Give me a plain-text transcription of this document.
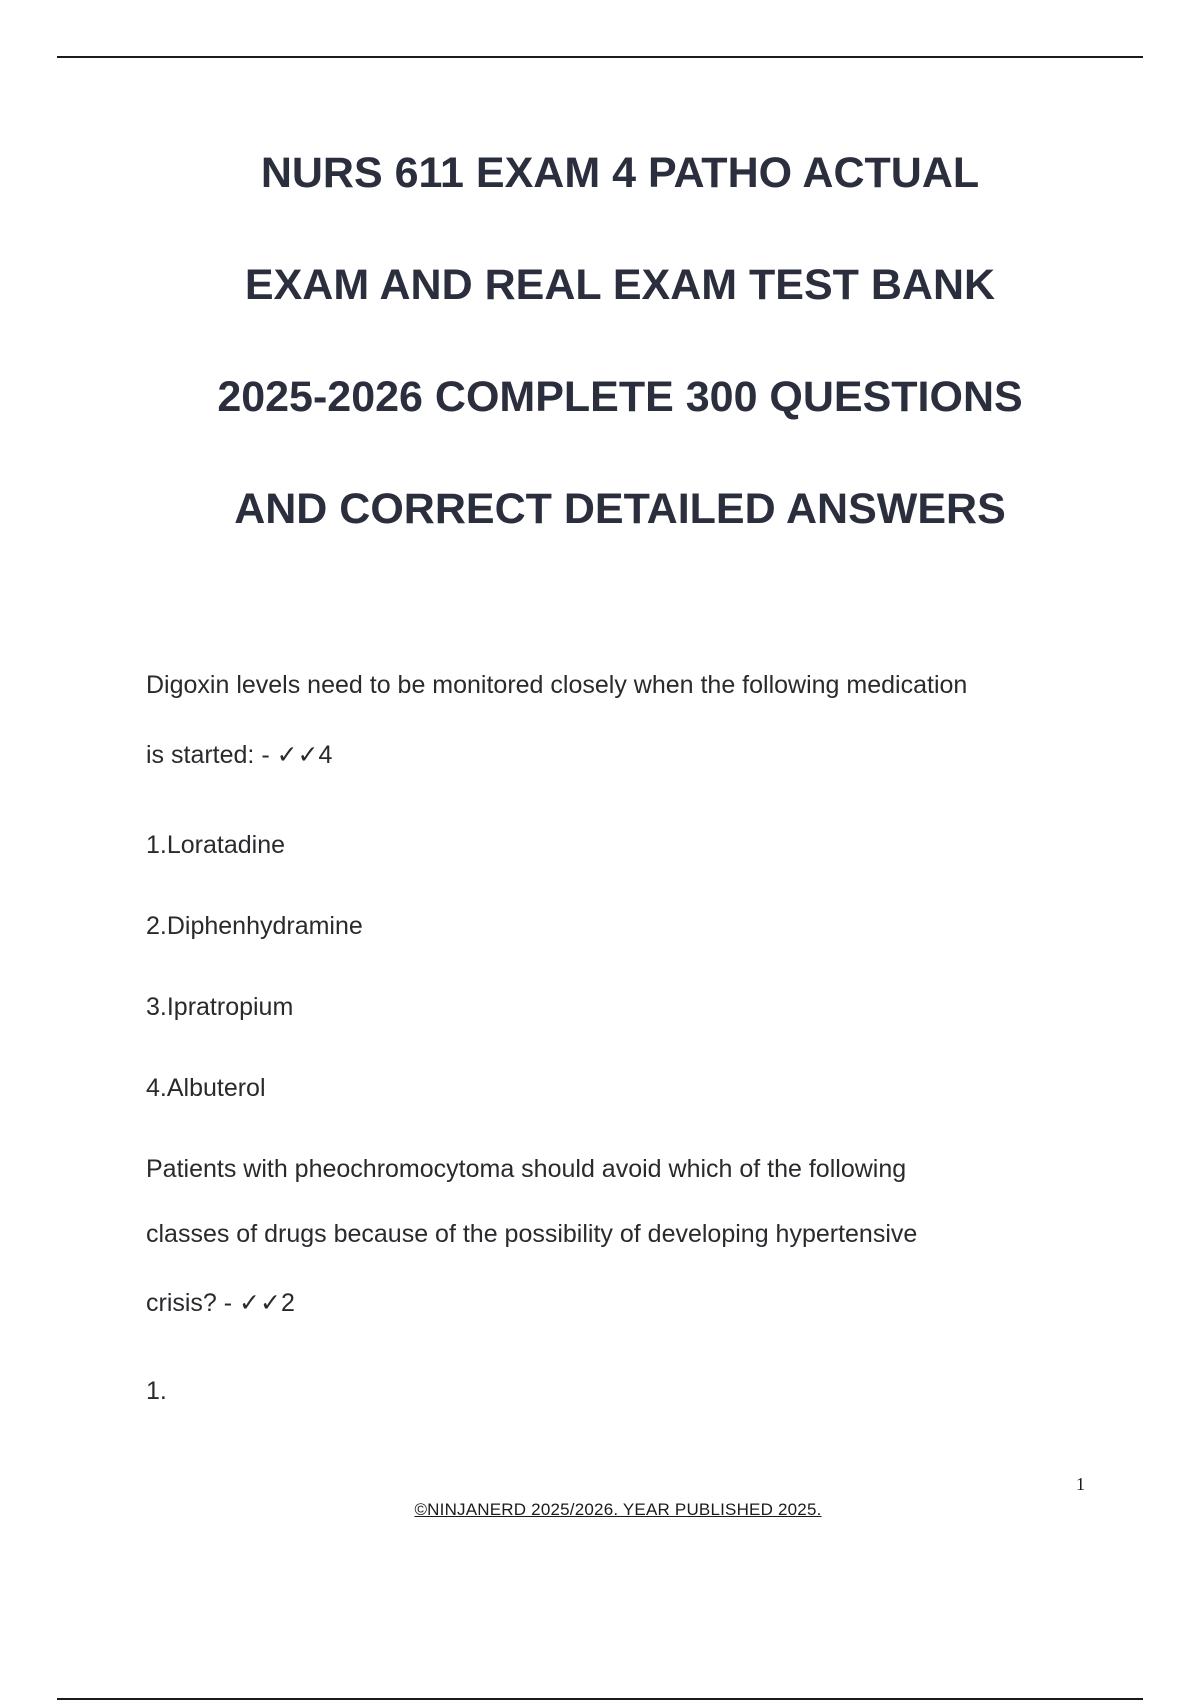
NURS 611 EXAM 4 PATHO ACTUAL
EXAM AND REAL EXAM TEST BANK
2025-2026 COMPLETE 300 QUESTIONS
AND CORRECT DETAILED ANSWERS
Digoxin levels need to be monitored closely when the following medication
is started: - ✓✓4
1.Loratadine
2.Diphenhydramine
3.Ipratropium
4.Albuterol
Patients with pheochromocytoma should avoid which of the following
classes of drugs because of the possibility of developing hypertensive
crisis? - ✓✓2
1.
1
©NINJANERD 2025/2026. YEAR PUBLISHED 2025.
